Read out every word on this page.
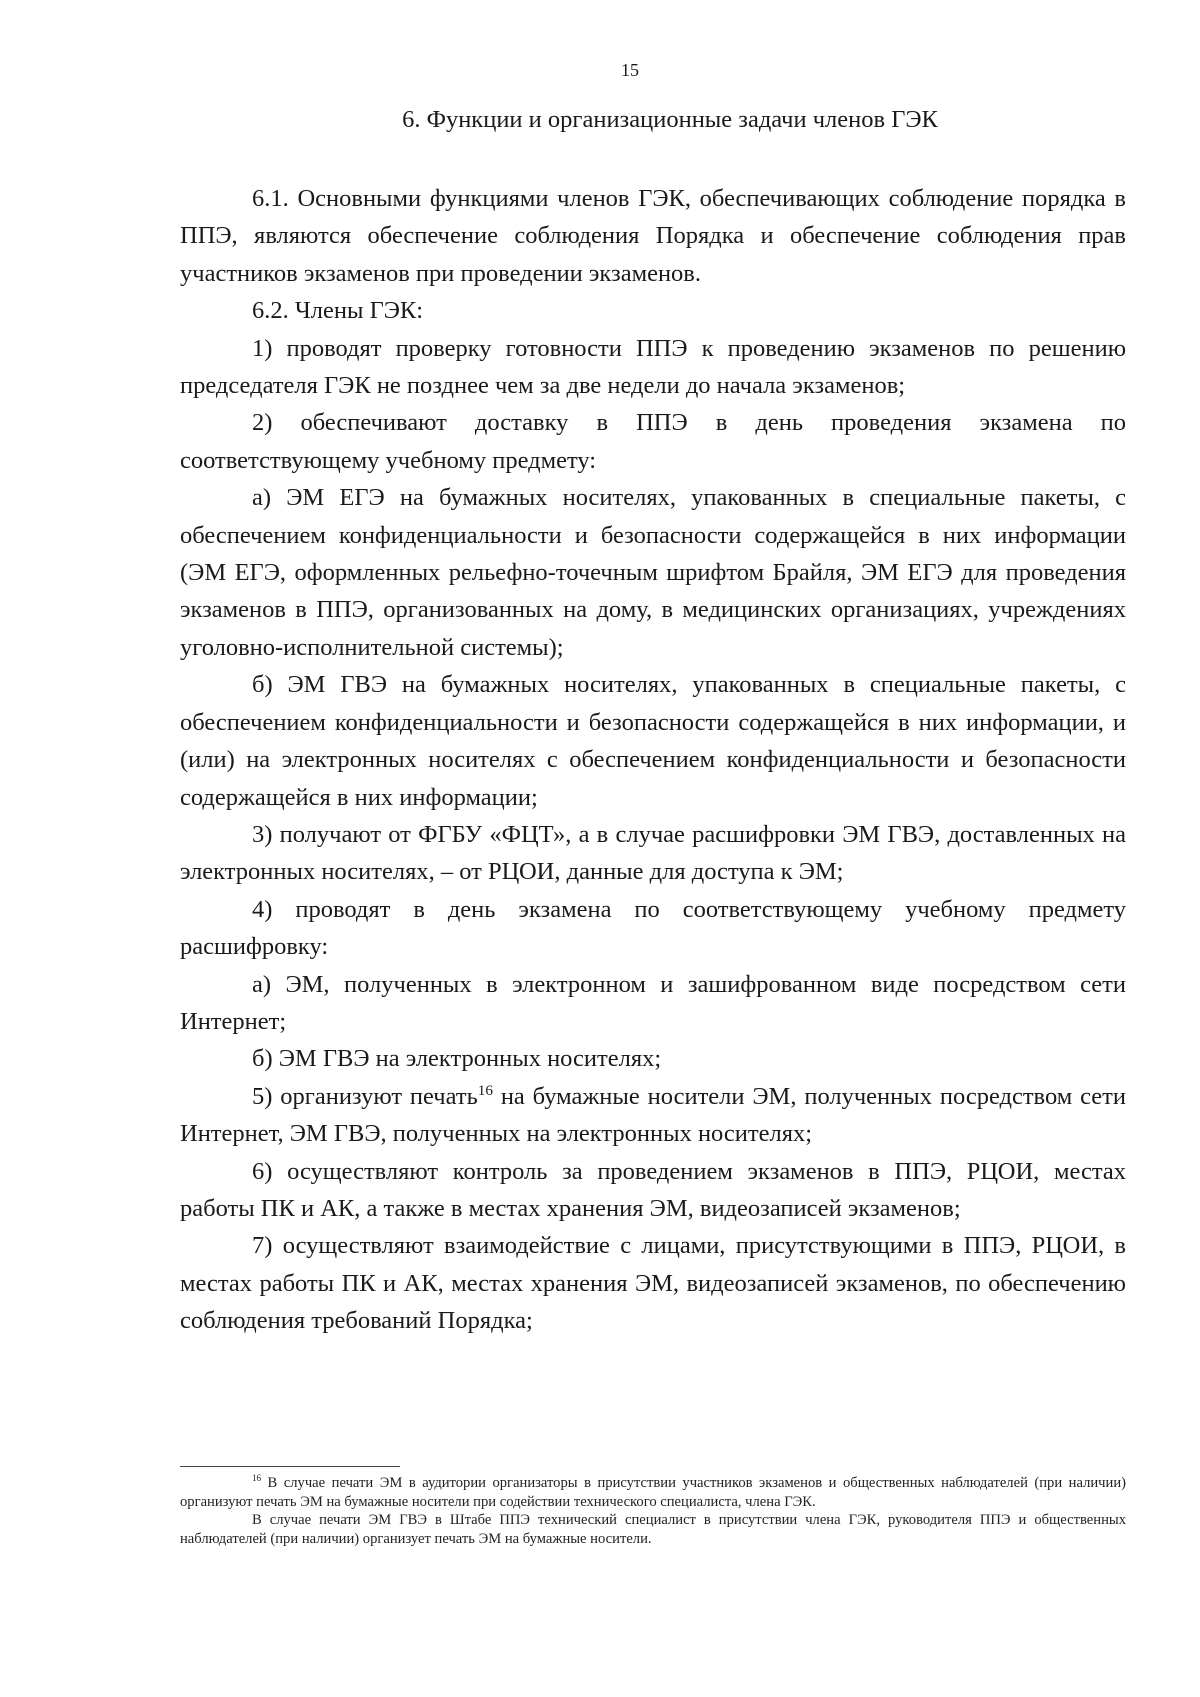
15

6. Функции и организационные задачи членов ГЭК

6.1. Основными функциями членов ГЭК, обеспечивающих соблюдение порядка в ППЭ, являются обеспечение соблюдения Порядка и обеспечение соблюдения прав участников экзаменов при проведении экзаменов.

6.2. Члены ГЭК:

1) проводят проверку готовности ППЭ к проведению экзаменов по решению председателя ГЭК не позднее чем за две недели до начала экзаменов;

2) обеспечивают доставку в ППЭ в день проведения экзамена по соответствующему учебному предмету:

а) ЭМ ЕГЭ на бумажных носителях, упакованных в специальные пакеты, с обеспечением конфиденциальности и безопасности содержащейся в них информации (ЭМ ЕГЭ, оформленных рельефно-точечным шрифтом Брайля, ЭМ ЕГЭ для проведения экзаменов в ППЭ, организованных на дому, в медицинских организациях, учреждениях уголовно-исполнительной системы);

б) ЭМ ГВЭ на бумажных носителях, упакованных в специальные пакеты, с обеспечением конфиденциальности и безопасности содержащейся в них информации, и (или) на электронных носителях с обеспечением конфиденциальности и безопасности содержащейся в них информации;

3) получают от ФГБУ «ФЦТ», а в случае расшифровки ЭМ ГВЭ, доставленных на электронных носителях, – от РЦОИ, данные для доступа к ЭМ;

4) проводят в день экзамена по соответствующему учебному предмету расшифровку:

а) ЭМ, полученных в электронном и зашифрованном виде посредством сети Интернет;

б) ЭМ ГВЭ на электронных носителях;

5) организуют печать$^{16}$ на бумажные носители ЭМ, полученных посредством сети Интернет, ЭМ ГВЭ, полученных на электронных носителях;

6) осуществляют контроль за проведением экзаменов в ППЭ, РЦОИ, местах работы ПК и АК, а также в местах хранения ЭМ, видеозаписей экзаменов;

7) осуществляют взаимодействие с лицами, присутствующими в ППЭ, РЦОИ, в местах работы ПК и АК, местах хранения ЭМ, видеозаписей экзаменов, по обеспечению соблюдения требований Порядка;

$^{16}$ В случае печати ЭМ в аудитории организаторы в присутствии участников экзаменов и общественных наблюдателей (при наличии) организуют печать ЭМ на бумажные носители при содействии технического специалиста, члена ГЭК.

В случае печати ЭМ ГВЭ в Штабе ППЭ технический специалист в присутствии члена ГЭК, руководителя ППЭ и общественных наблюдателей (при наличии) организует печать ЭМ на бумажные носители.
